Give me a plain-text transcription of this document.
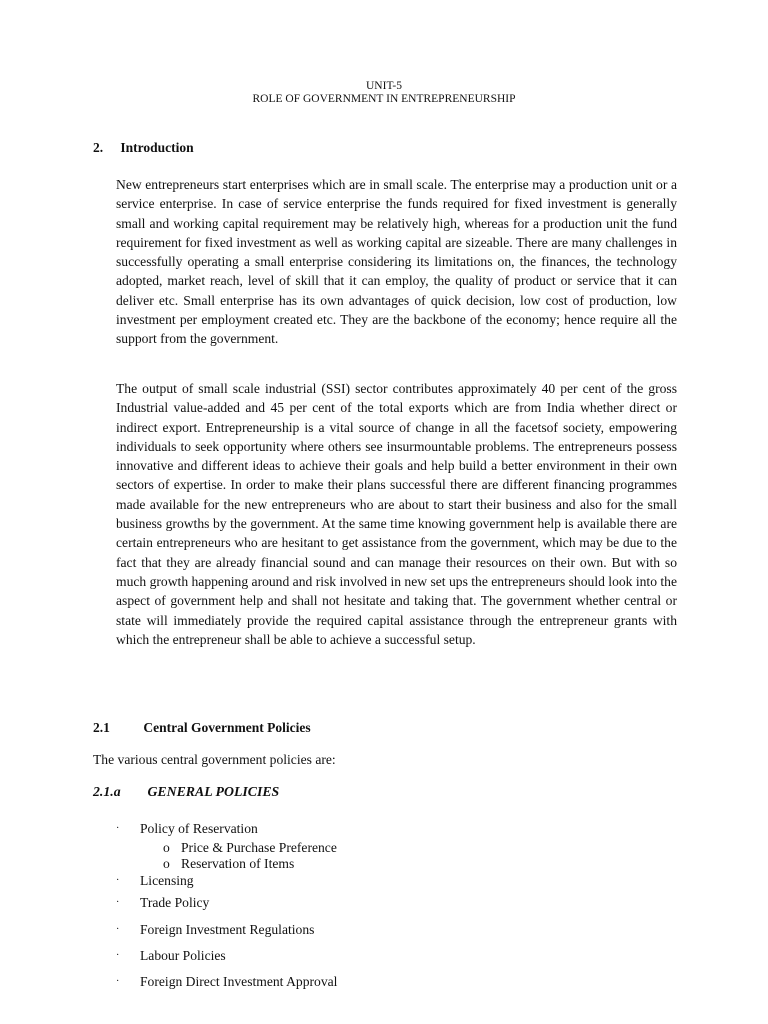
UNIT-5
ROLE OF GOVERNMENT IN ENTREPRENEURSHIP
2. Introduction

New entrepreneurs start enterprises which are in small scale. The enterprise may a production unit or a service enterprise. In case of service enterprise the funds required for fixed investment is generally small and working capital requirement may be relatively high, whereas for a production unit the fund requirement for fixed investment as well as working capital are sizeable. There are many challenges in successfully operating a small enterprise considering its limitations on, the finances, the technology adopted, market reach, level of skill that it can employ, the quality of product or service that it can deliver etc. Small enterprise has its own advantages of quick decision, low cost of production, low investment per employment created etc. They are the backbone of the economy; hence require all the support from the government.

The output of small scale industrial (SSI) sector contributes approximately 40 per cent of the gross Industrial value-added and 45 per cent of the total exports which are from India whether direct or indirect export. Entrepreneurship is a vital source of change in all the facetsof society, empowering individuals to seek opportunity where others see insurmountable problems. The entrepreneurs possess innovative and different ideas to achieve their goals and help build a better environment in their own sectors of expertise. In order to make their plans successful there are different financing programmes made available for the new entrepreneurs who are about to start their business and also for the small business growths by the government. At the same time knowing government help is available there are certain entrepreneurs who are hesitant to get assistance from the government, which may be due to the fact that they are already financial sound and can manage their resources on their own. But with so much growth happening around and risk involved in new set ups the entrepreneurs should look into the aspect of government help and shall not hesitate and taking that. The government whether central or state will immediately provide the required capital assistance through the entrepreneur grants with which the entrepreneur shall be able to achieve a successful setup.

2.1 Central Government Policies
The various central government policies are:
2.1.a GENERAL POLICIES
· Policy of Reservation
o Price & Purchase Preference
o Reservation of Items
· Licensing
· Trade Policy
· Foreign Investment Regulations
· Labour Policies
· Foreign Direct Investment Approval
